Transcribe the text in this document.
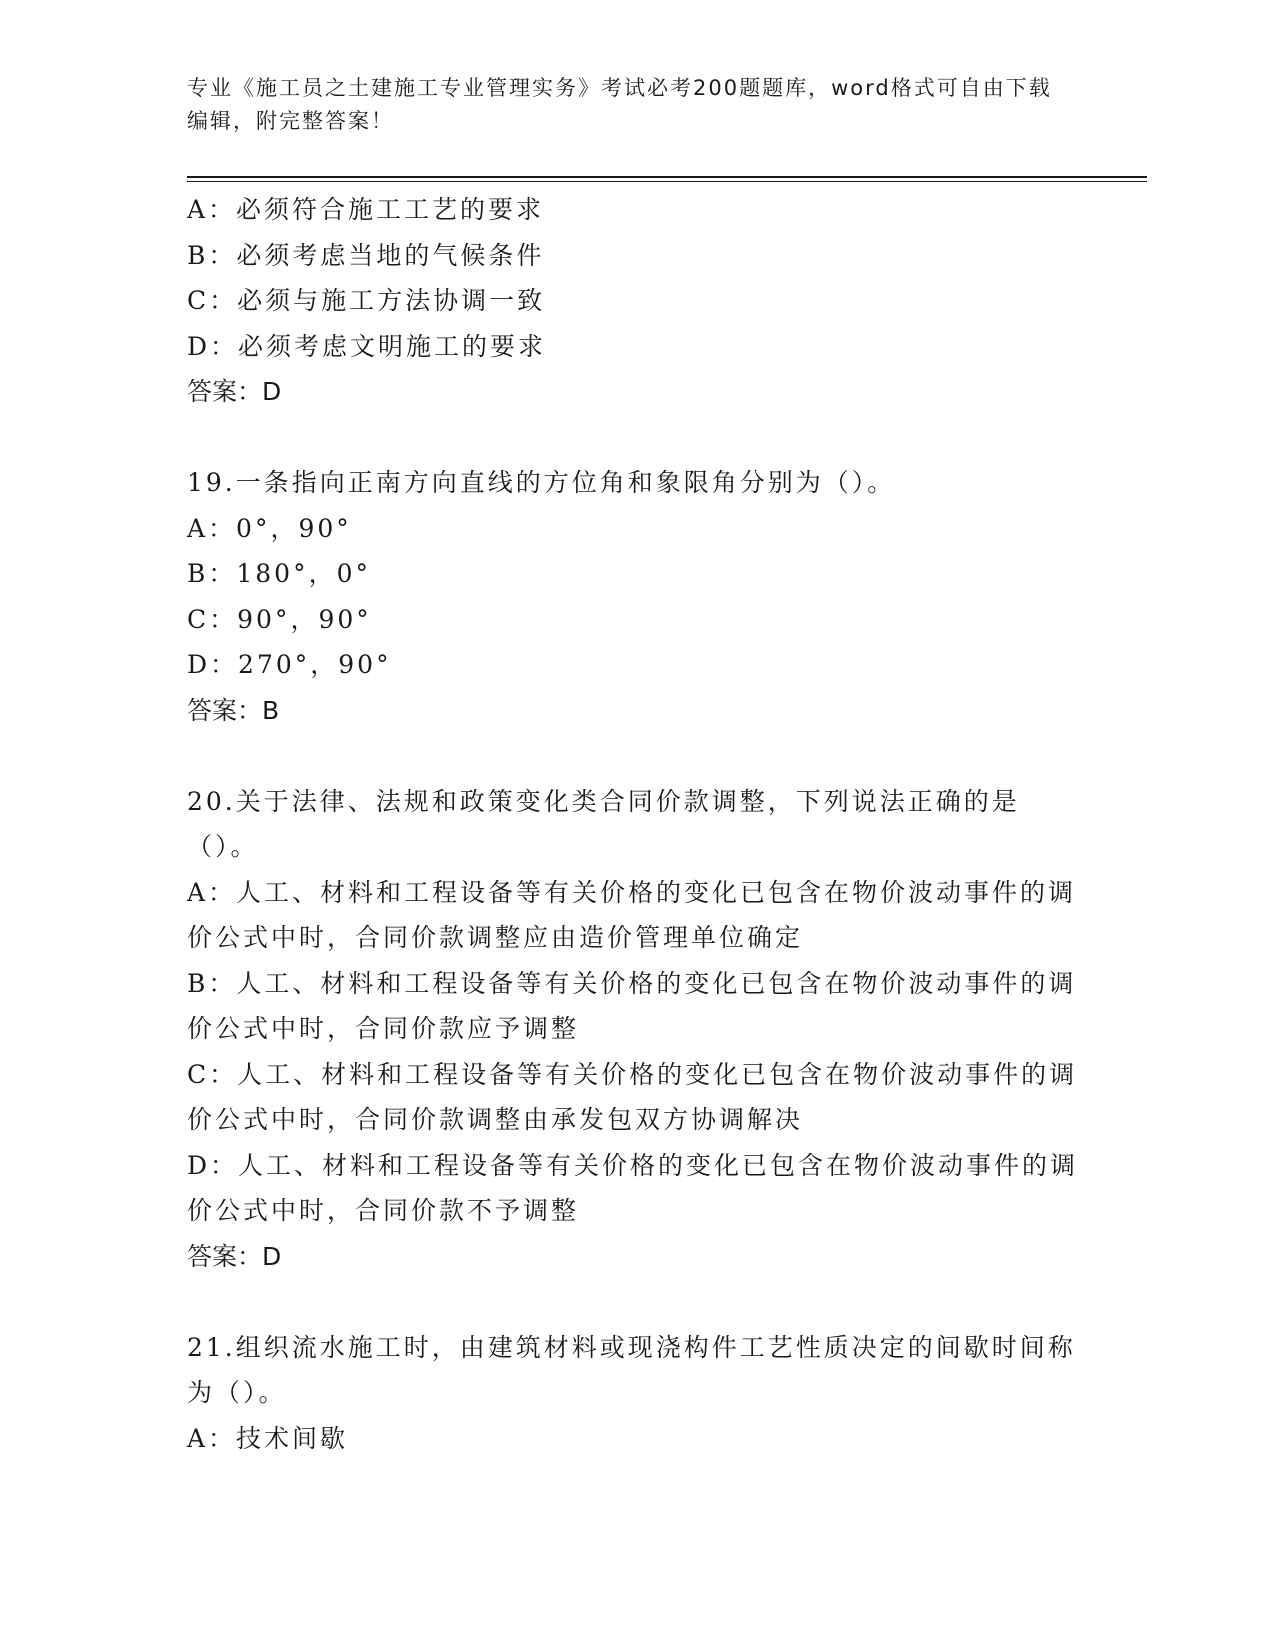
专业《施工员之土建施工专业管理实务》考试必考200题题库，word格式可自由下载编辑，附完整答案！
A：必须符合施工工艺的要求
B：必须考虑当地的气候条件
C：必须与施工方法协调一致
D：必须考虑文明施工的要求
答案：D
19.一条指向正南方向直线的方位角和象限角分别为（）。
A：0°，90°
B：180°，0°
C：90°，90°
D：270°，90°
答案：B
20.关于法律、法规和政策变化类合同价款调整，下列说法正确的是（）。
A：人工、材料和工程设备等有关价格的变化已包含在物价波动事件的调价公式中时，合同价款调整应由造价管理单位确定
B：人工、材料和工程设备等有关价格的变化已包含在物价波动事件的调价公式中时，合同价款应予调整
C：人工、材料和工程设备等有关价格的变化已包含在物价波动事件的调价公式中时，合同价款调整由承发包双方协调解决
D：人工、材料和工程设备等有关价格的变化已包含在物价波动事件的调价公式中时，合同价款不予调整
答案：D
21.组织流水施工时，由建筑材料或现浇构件工艺性质决定的间歇时间称为（）。
A：技术间歇
